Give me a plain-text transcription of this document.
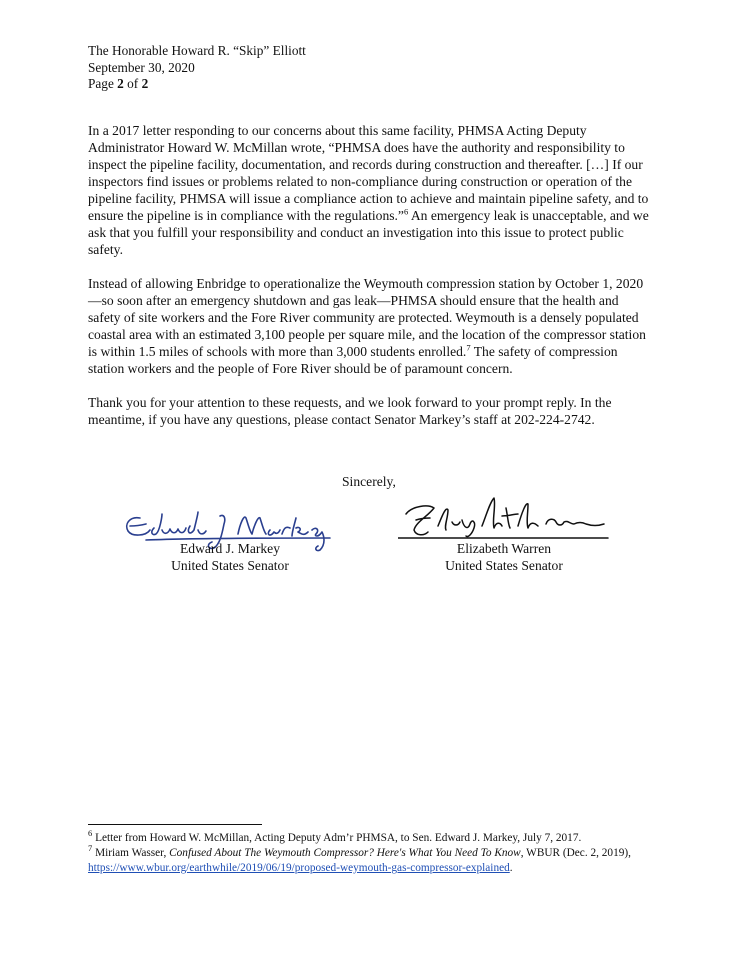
The Honorable Howard R. “Skip” Elliott
September 30, 2020
Page 2 of 2

In a 2017 letter responding to our concerns about this same facility, PHMSA Acting Deputy Administrator Howard W. McMillan wrote, “PHMSA does have the authority and responsibility to inspect the pipeline facility, documentation, and records during construction and thereafter. […] If our inspectors find issues or problems related to non-compliance during construction or operation of the pipeline facility, PHMSA will issue a compliance action to achieve and maintain pipeline safety, and to ensure the pipeline is in compliance with the regulations.”$^6$ An emergency leak is unacceptable, and we ask that you fulfill your responsibility and conduct an investigation into this issue to protect public safety.

Instead of allowing Enbridge to operationalize the Weymouth compression station by October 1, 2020—so soon after an emergency shutdown and gas leak—PHMSA should ensure that the health and safety of site workers and the Fore River community are protected. Weymouth is a densely populated coastal area with an estimated 3,100 people per square mile, and the location of the compressor station is within 1.5 miles of schools with more than 3,000 students enrolled.$^7$ The safety of compression station workers and the people of Fore River should be of paramount concern.

Thank you for your attention to these requests, and we look forward to your prompt reply. In the meantime, if you have any questions, please contact Senator Markey’s staff at 202-224-2742.

Sincerely,
Edward J. Markey
United States Senator
Elizabeth Warren
United States Senator

$^6$ Letter from Howard W. McMillan, Acting Deputy Adm’r PHMSA, to Sen. Edward J. Markey, July 7, 2017.

$^7$ Miriam Wasser, Confused About The Weymouth Compressor? Here's What You Need To Know, WBUR (Dec. 2, 2019), https://www.wbur.org/earthwhile/2019/06/19/proposed-weymouth-gas-compressor-explained.
